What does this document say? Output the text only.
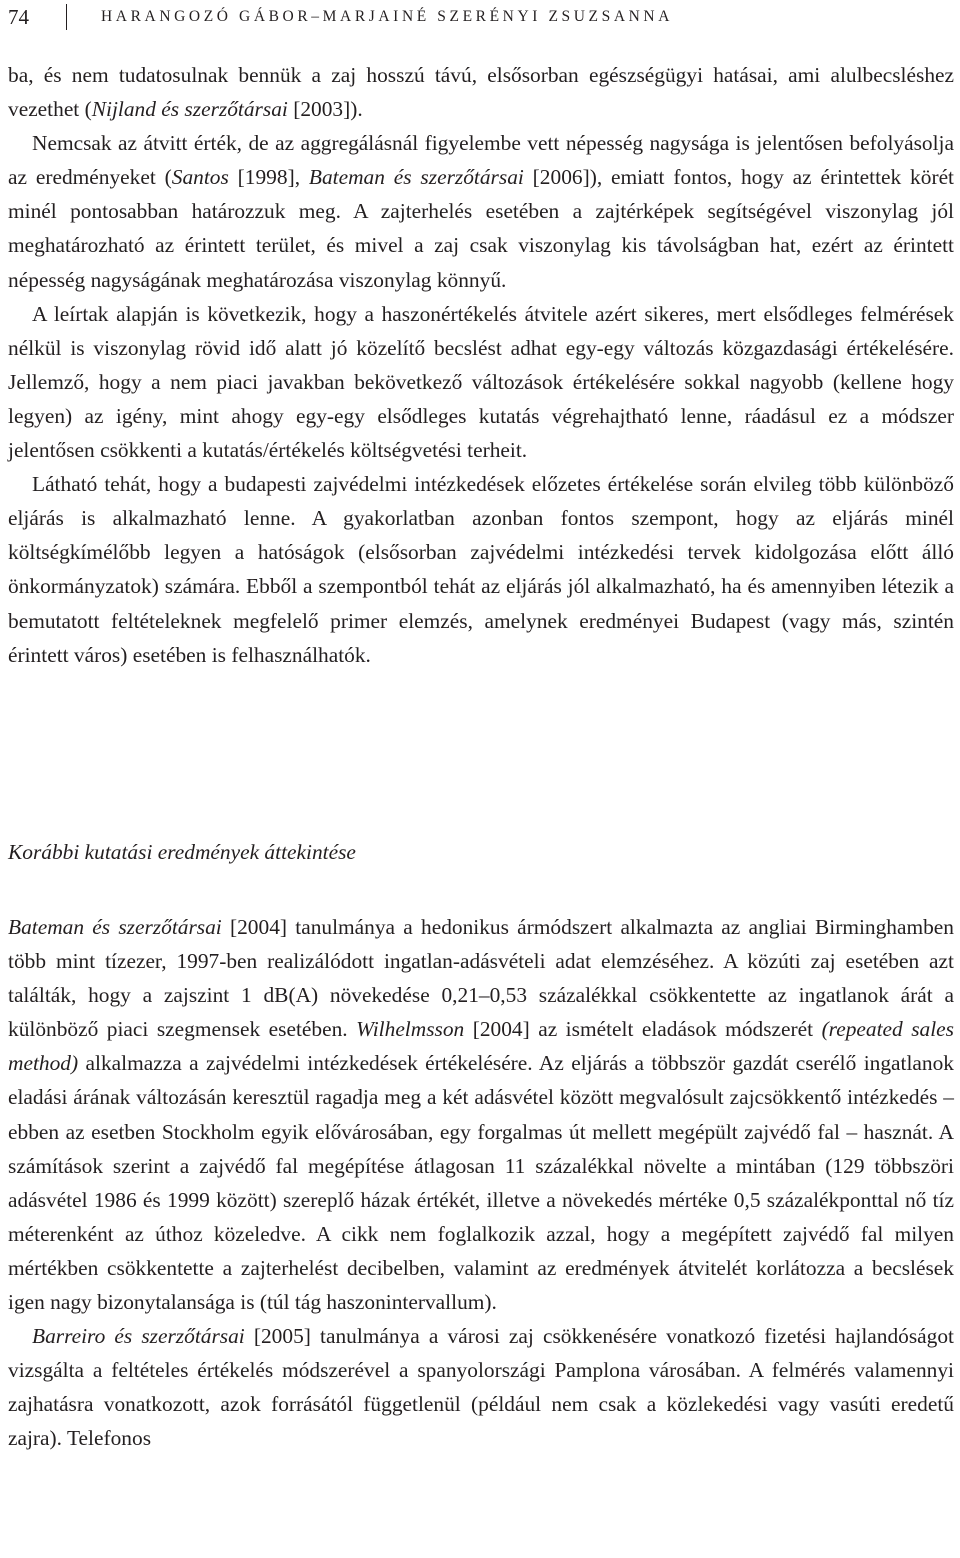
74	HARANGOZÓ GÁBOR–MARJAINÉ SZERÉNYI ZSUZSANNA

ba, és nem tudatosulnak bennük a zaj hosszú távú, elsősorban egészségügyi hatásai, ami alulbecsléshez vezethet (Nijland és szerzőtársai [2003]).

Nemcsak az átvitt érték, de az aggregálásnál figyelembe vett népesség nagysága is jelentősen befolyásolja az eredményeket (Santos [1998], Bateman és szerzőtársai [2006]), emiatt fontos, hogy az érintettek körét minél pontosabban határozzuk meg. A zajterhelés esetében a zajtérképek segítségével viszonylag jól meghatározható az érintett terület, és mivel a zaj csak viszonylag kis távolságban hat, ezért az érintett népesség nagyságának meghatározása viszonylag könnyű.

A leírtak alapján is következik, hogy a haszonértékelés átvitele azért sikeres, mert elsődleges felmérések nélkül is viszonylag rövid idő alatt jó közelítő becslést adhat egy-egy változás közgazdasági értékelésére. Jellemző, hogy a nem piaci javakban bekövetkező változások értékelésére sokkal nagyobb (kellene hogy legyen) az igény, mint ahogy egy-egy elsődleges kutatás végrehajtható lenne, ráadásul ez a módszer jelentősen csökkenti a kutatás/értékelés költségvetési terheit.

Látható tehát, hogy a budapesti zajvédelmi intézkedések előzetes értékelése során elvileg több különböző eljárás is alkalmazható lenne. A gyakorlatban azonban fontos szempont, hogy az eljárás minél költségkímélőbb legyen a hatóságok (elsősorban zajvédelmi intézkedési tervek kidolgozása előtt álló önkormányzatok) számára. Ebből a szempontból tehát az eljárás jól alkalmazható, ha és amennyiben létezik a bemutatott feltételeknek megfelelő primer elemzés, amelynek eredményei Budapest (vagy más, szintén érintett város) esetében is felhasználhatók.

Korábbi kutatási eredmények áttekintése

Bateman és szerzőtársai [2004] tanulmánya a hedonikus ármódszert alkalmazta az angliai Birminghamben több mint tízezer, 1997-ben realizálódott ingatlan-adásvételi adat elemzéséhez. A közúti zaj esetében azt találták, hogy a zajszint 1 dB(A) növekedése 0,21–0,53 százalékkal csökkentette az ingatlanok árát a különböző piaci szegmensek esetében. Wilhelmsson [2004] az ismételt eladások módszerét (repeated sales method) alkalmazza a zajvédelmi intézkedések értékelésére. Az eljárás a többször gazdát cserélő ingatlanok eladási árának változásán keresztül ragadja meg a két adásvétel között megvalósult zajcsökkentő intézkedés – ebben az esetben Stockholm egyik elővárosában, egy forgalmas út mellett megépült zajvédő fal – hasznát. A számítások szerint a zajvédő fal megépítése átlagosan 11 százalékkal növelte a mintában (129 többszöri adásvétel 1986 és 1999 között) szereplő házak értékét, illetve a növekedés mértéke 0,5 százalékponttal nő tíz méterenként az úthoz közeledve. A cikk nem foglalkozik azzal, hogy a megépített zajvédő fal milyen mértékben csökkentette a zajterhelést decibelben, valamint az eredmények átvitelét korlátozza a becslések igen nagy bizonytalansága is (túl tág haszonintervallum).

Barreiro és szerzőtársai [2005] tanulmánya a városi zaj csökkenésére vonatkozó fizetési hajlandóságot vizsgálta a feltételes értékelés módszerével a spanyolországi Pamplona városában. A felmérés valamennyi zajhatásra vonatkozott, azok forrásától függetlenül (például nem csak a közlekedési vagy vasúti eredetű zajra). Telefonos
